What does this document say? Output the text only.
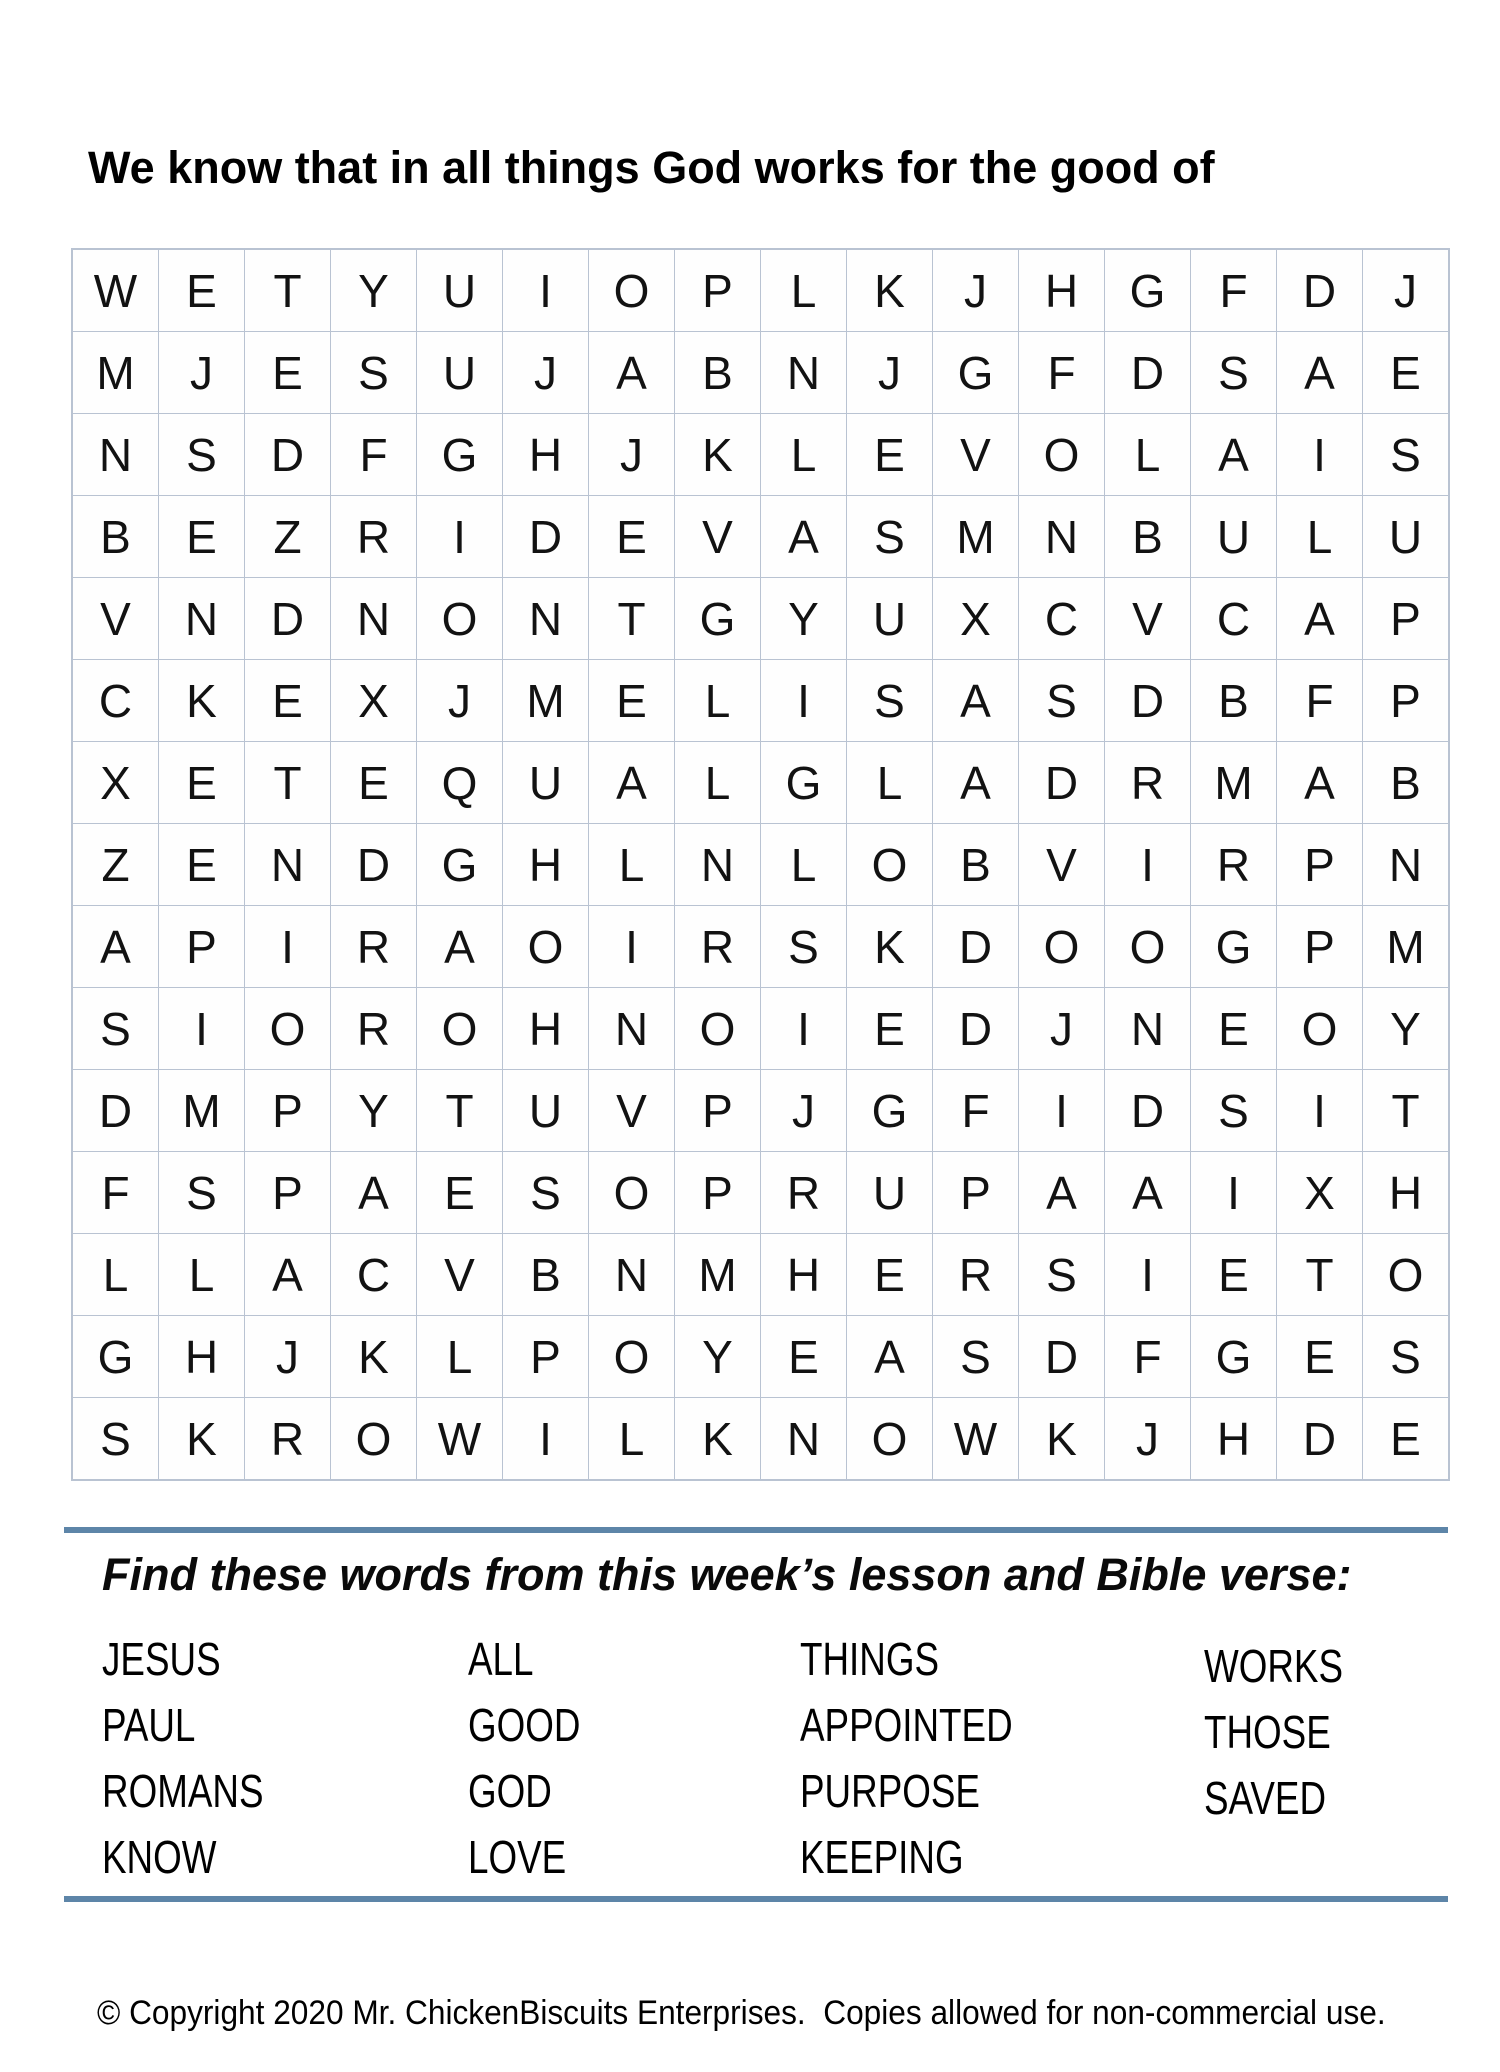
We know that in all things God works for the good of

W	E	T	Y	U	I	O	P	L	K	J	H	G	F	D	J
M	J	E	S	U	J	A	B	N	J	G	F	D	S	A	E
N	S	D	F	G	H	J	K	L	E	V	O	L	A	I	S
B	E	Z	R	I	D	E	V	A	S	M	N	B	U	L	U
V	N	D	N	O	N	T	G	Y	U	X	C	V	C	A	P
C	K	E	X	J	M	E	L	I	S	A	S	D	B	F	P
X	E	T	E	Q	U	A	L	G	L	A	D	R	M	A	B
Z	E	N	D	G	H	L	N	L	O	B	V	I	R	P	N
A	P	I	R	A	O	I	R	S	K	D	O	O	G	P	M
S	I	O	R	O	H	N	O	I	E	D	J	N	E	O	Y
D	M	P	Y	T	U	V	P	J	G	F	I	D	S	I	T
F	S	P	A	E	S	O	P	R	U	P	A	A	I	X	H
L	L	A	C	V	B	N	M	H	E	R	S	I	E	T	O
G	H	J	K	L	P	O	Y	E	A	S	D	F	G	E	S
S	K	R	O	W	I	L	K	N	O	W	K	J	H	D	E
Find these words from this week’s lesson and Bible verse:
JESUS
PAUL
ROMANS
KNOW
ALL
GOOD
GOD
LOVE
THINGS
APPOINTED
PURPOSE
KEEPING
WORKS
THOSE
SAVED

© Copyright 2020 Mr. ChickenBiscuits Enterprises.  Copies allowed for non-commercial use.
